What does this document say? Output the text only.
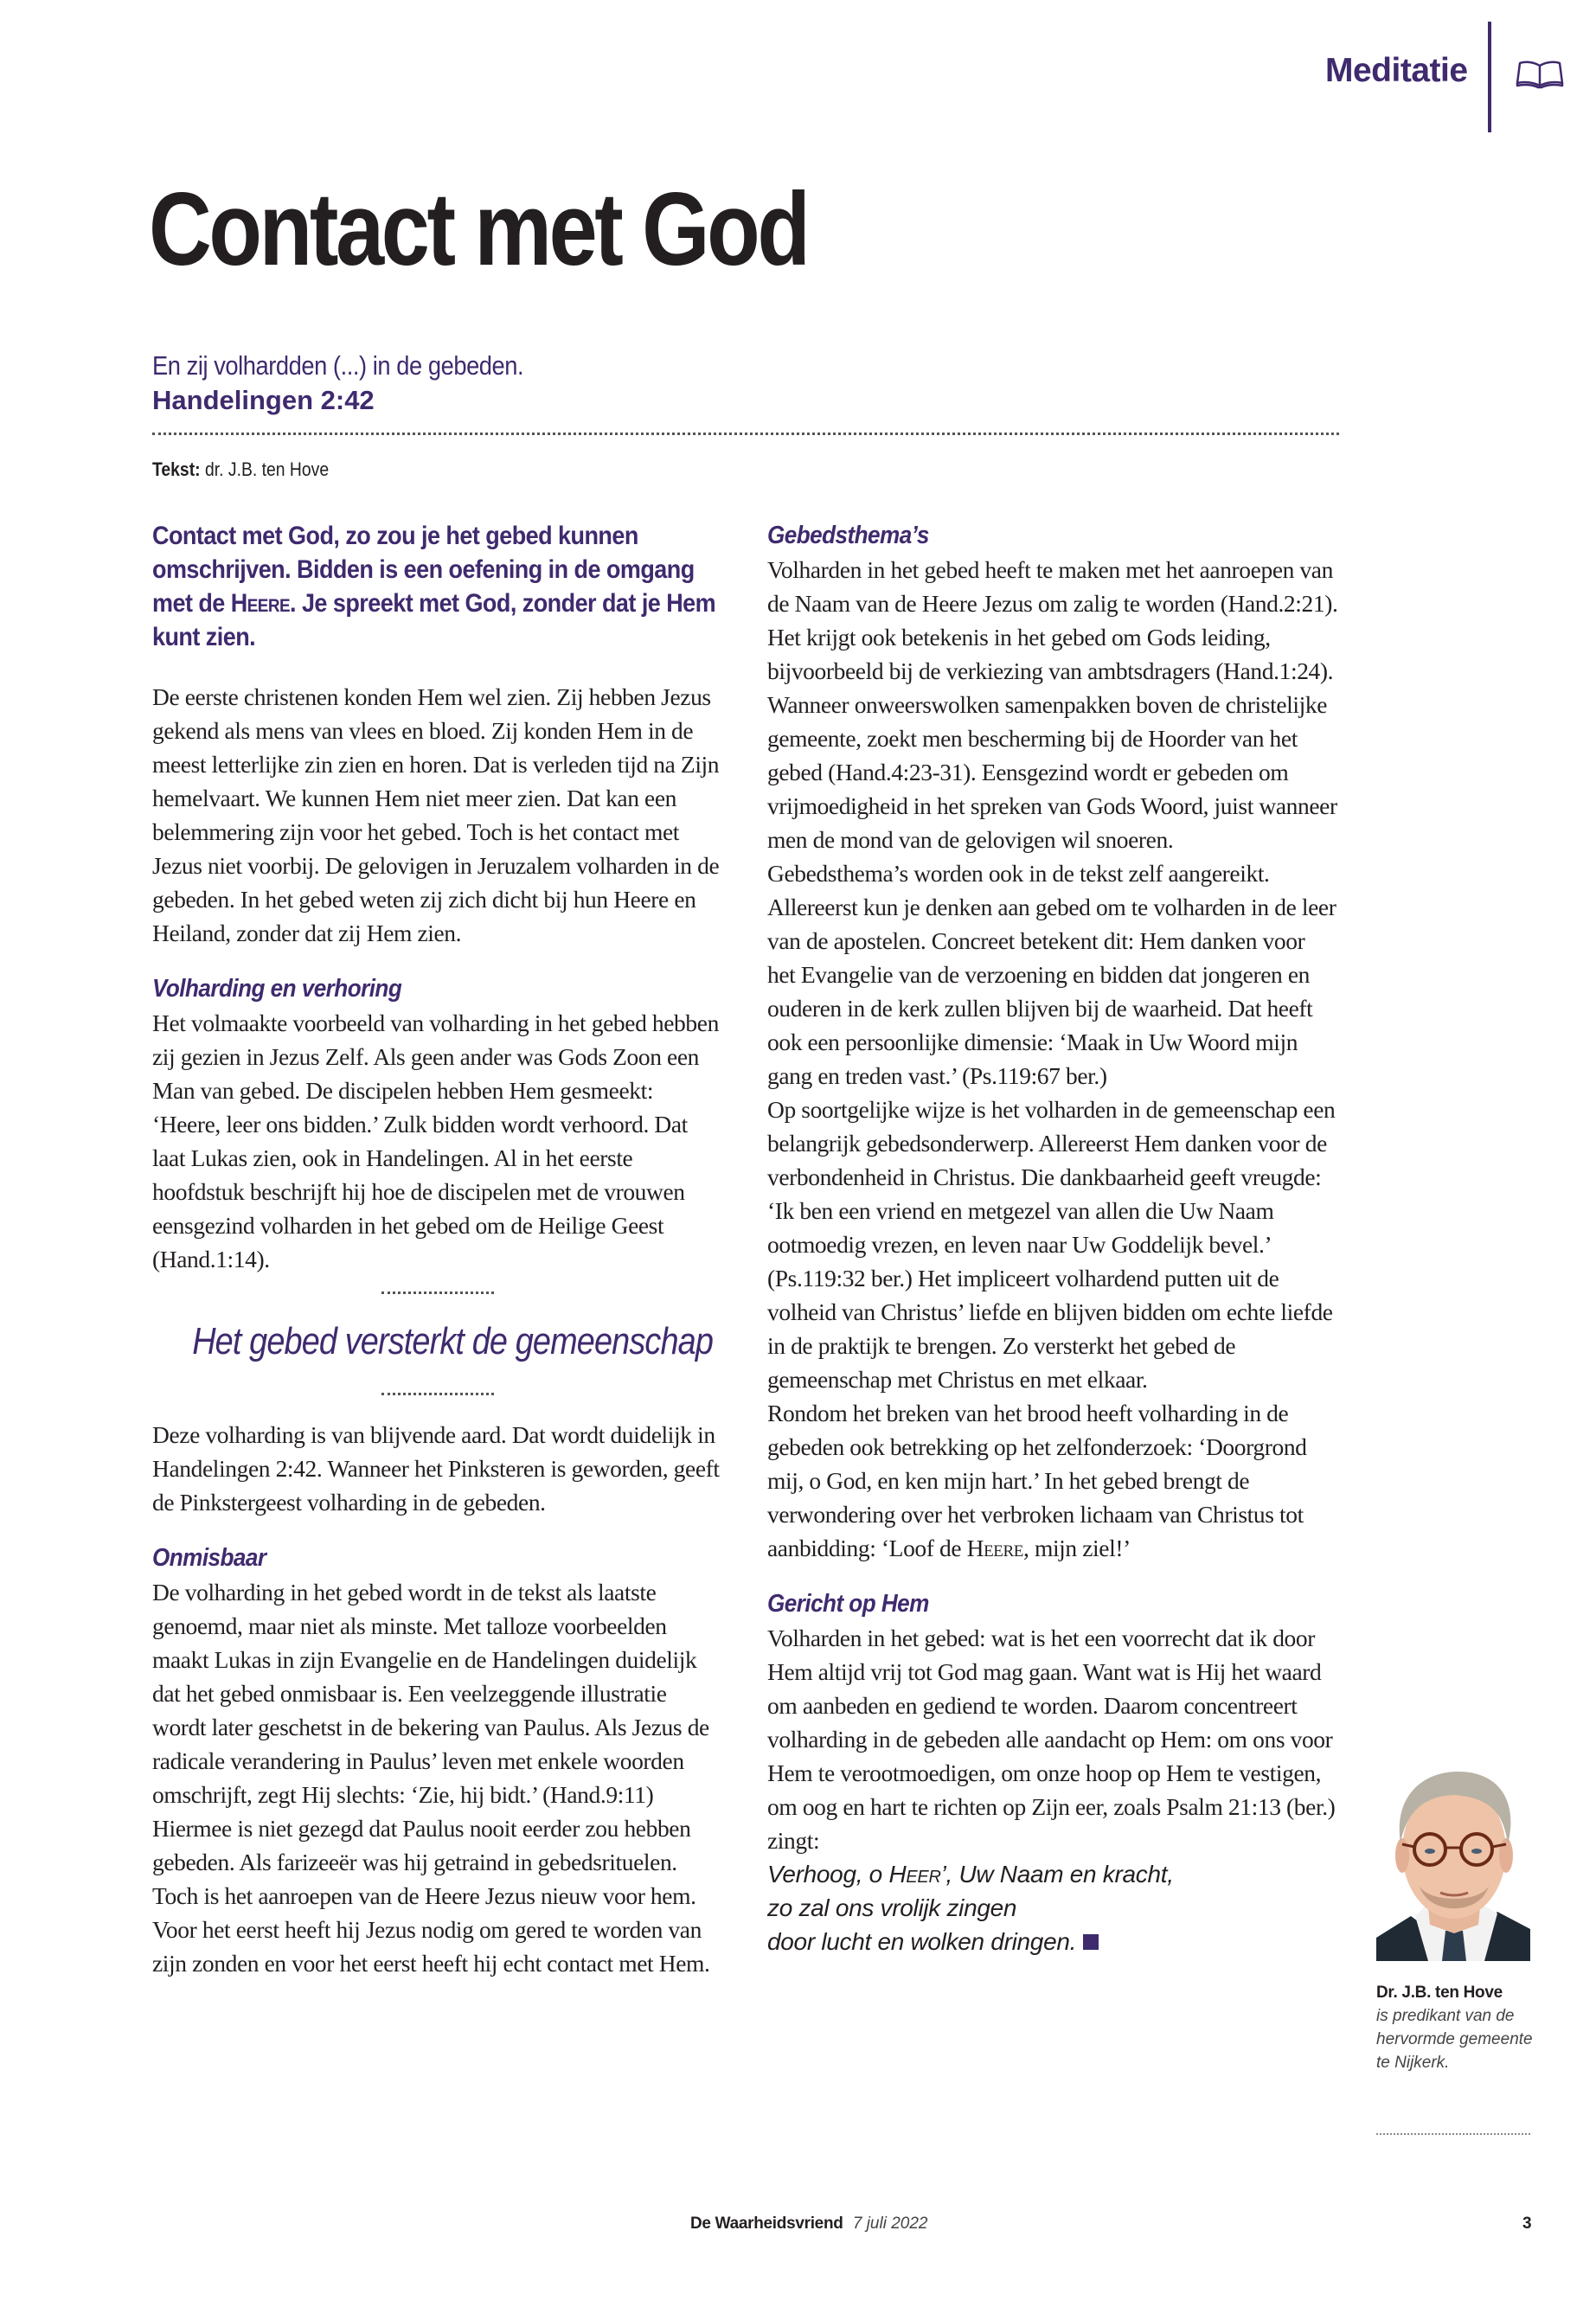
Meditatie
Contact met God
En zij volhardden (...) in de gebeden.
Handelingen 2:42
Tekst: dr. J.B. ten Hove
Contact met God, zo zou je het gebed kunnen omschrijven. Bidden is een oefening in de omgang met de Heere. Je spreekt met God, zonder dat je Hem kunt zien.

De eerste christenen konden Hem wel zien. Zij hebben Jezus gekend als mens van vlees en bloed. Zij konden Hem in de meest letterlijke zin zien en horen. Dat is verleden tijd na Zijn hemelvaart. We kunnen Hem niet meer zien. Dat kan een belemmering zijn voor het gebed. Toch is het contact met Jezus niet voorbij. De gelovigen in Jeruzalem volharden in de gebeden. In het gebed weten zij zich dicht bij hun Heere en Heiland, zonder dat zij Hem zien.

Volharding en verhoring

Het volmaakte voorbeeld van volharding in het gebed hebben zij gezien in Jezus Zelf. Als geen ander was Gods Zoon een Man van gebed. De discipelen hebben Hem gesmeekt: ‘Heere, leer ons bidden.’ Zulk bidden wordt verhoord. Dat laat Lukas zien, ook in Handelingen. Al in het eerste hoofdstuk beschrijft hij hoe de discipelen met de vrouwen eensgezind volharden in het gebed om de Heilige Geest (Hand.1:14).

Het gebed versterkt de gemeenschap

Deze volharding is van blijvende aard. Dat wordt duidelijk in Handelingen 2:42. Wanneer het Pinksteren is geworden, geeft de Pinkstergeest volharding in de gebeden.

Onmisbaar

De volharding in het gebed wordt in de tekst als laatste genoemd, maar niet als minste. Met talloze voorbeelden maakt Lukas in zijn Evangelie en de Handelingen duidelijk dat het gebed onmisbaar is. Een veelzeggende illustratie wordt later geschetst in de bekering van Paulus. Als Jezus de radicale verandering in Paulus’ leven met enkele woorden omschrijft, zegt Hij slechts: ‘Zie, hij bidt.’ (Hand.9:11) Hiermee is niet gezegd dat Paulus nooit eerder zou hebben gebeden. Als farizeeër was hij getraind in gebedsrituelen. Toch is het aanroepen van de Heere Jezus nieuw voor hem. Voor het eerst heeft hij Jezus nodig om gered te worden van zijn zonden en voor het eerst heeft hij echt contact met Hem.

Gebedsthema’s

Volharden in het gebed heeft te maken met het aanroepen van de Naam van de Heere Jezus om zalig te worden (Hand.2:21). Het krijgt ook betekenis in het gebed om Gods leiding, bijvoorbeeld bij de verkiezing van ambtsdragers (Hand.1:24). Wanneer onweerswolken samenpakken boven de christelijke gemeente, zoekt men bescherming bij de Hoorder van het gebed (Hand.4:23-31). Eensgezind wordt er gebeden om vrijmoedigheid in het spreken van Gods Woord, juist wanneer men de mond van de gelovigen wil snoeren.

Gebedsthema’s worden ook in de tekst zelf aangereikt. Allereerst kun je denken aan gebed om te volharden in de leer van de apostelen. Concreet betekent dit: Hem danken voor het Evangelie van de verzoening en bidden dat jongeren en ouderen in de kerk zullen blijven bij de waarheid. Dat heeft ook een persoonlijke dimensie: ‘Maak in Uw Woord mijn gang en treden vast.’ (Ps.119:67 ber.)

Op soortgelijke wijze is het volharden in de gemeenschap een belangrijk gebedsonderwerp. Allereerst Hem danken voor de verbondenheid in Christus. Die dankbaarheid geeft vreugde: ‘Ik ben een vriend en metgezel van allen die Uw Naam ootmoedig vrezen, en leven naar Uw Goddelijk bevel.’ (Ps.119:32 ber.) Het impliceert volhardend putten uit de volheid van Christus’ liefde en blijven bidden om echte liefde in de praktijk te brengen. Zo versterkt het gebed de gemeenschap met Christus en met elkaar.

Rondom het breken van het brood heeft volharding in de gebeden ook betrekking op het zelfonderzoek: ‘Doorgrond mij, o God, en ken mijn hart.’ In het gebed brengt de verwondering over het verbroken lichaam van Christus tot aanbidding: ‘Loof de Heere, mijn ziel!’

Gericht op Hem

Volharden in het gebed: wat is het een voorrecht dat ik door Hem altijd vrij tot God mag gaan. Want wat is Hij het waard om aanbeden en gediend te worden. Daarom concentreert volharding in de gebeden alle aandacht op Hem: om ons voor Hem te verootmoedigen, om onze hoop op Hem te vestigen, om oog en hart te richten op Zijn eer, zoals Psalm 21:13 (ber.) zingt:

Verhoog, o Heer’, Uw Naam en kracht,
zo zal ons vrolijk zingen
door lucht en wolken dringen.
Dr. J.B. ten Hove
is predikant van de hervormde gemeente te Nijkerk.
De Waarheidsvriend 7 juli 2022	3
